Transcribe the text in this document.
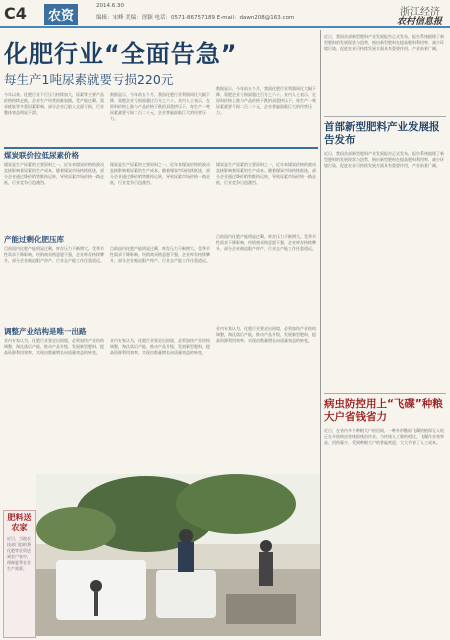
C4	农资
2014.6.30
编辑：宋峰 美编：徐颖 电话：0571-86757189 E-mail：dawn208@163.com	浙江经济
农村信息报
化肥行业“全面告急”
每生产1吨尿素就要亏损220元
今年以来，化肥行业下行压力持续加大，尿素等主要产品价格持续走低，企业生产经营困难加剧。受产能过剩、需求疲软等多重因素影响，部分企业已陷入全面亏损，行业整体效益明显下滑。
数据显示，今年前五个月，我国化肥行业利润同比大幅下降，氮肥企业亏损面超过百分之六十。业内人士表示，在原料价格上涨与产品价格下跌的双重挤压下，每生产一吨尿素就要亏损二百二十元，企业普遍面临巨大的经营压力。
数据显示，今年前五个月，我国化肥行业利润同比大幅下降，氮肥企业亏损面超过百分之六十。业内人士表示，在原料价格上涨与产品价格下跌的双重挤压下，每生产一吨尿素就要亏损二百二十元，企业普遍面临巨大的经营压力。
煤炭联价拉低尿素价格
煤炭是生产尿素的主要原料之一，近年来煤炭价格的波动直接影响着尿素的生产成本。随着煤炭市场持续低迷，部分企业通过降价销售维持运转，导致尿素市场价格一路走低，行业竞争日趋激烈。
煤炭是生产尿素的主要原料之一，近年来煤炭价格的波动直接影响着尿素的生产成本。随着煤炭市场持续低迷，部分企业通过降价销售维持运转，导致尿素市场价格一路走低，行业竞争日趋激烈。
煤炭是生产尿素的主要原料之一，近年来煤炭价格的波动直接影响着尿素的生产成本。随着煤炭市场持续低迷，部分企业通过降价销售维持运转，导致尿素市场价格一路走低，行业竞争日趋激烈。
产能过剩化肥压库
目前国内化肥产能明显过剩，库存压力不断增大。受季节性需求下降影响，经销商采购意愿不强，企业库存持续攀升，部分企业被迫限产停产，行业去产能工作任重道远。
目前国内化肥产能明显过剩，库存压力不断增大。受季节性需求下降影响，经销商采购意愿不强，企业库存持续攀升，部分企业被迫限产停产，行业去产能工作任重道远。
目前国内化肥产能明显过剩，库存压力不断增大。受季节性需求下降影响，经销商采购意愿不强，企业库存持续攀升，部分企业被迫限产停产，行业去产能工作任重道远。
调整产业结构是唯一出路
业内专家认为，化肥行业要走出困境，必须加快产业结构调整，淘汰落后产能，推动产品升级，发展新型肥料，提高资源利用效率，实现由数量增长向质量效益的转变。
业内专家认为，化肥行业要走出困境，必须加快产业结构调整，淘汰落后产能，推动产品升级，发展新型肥料，提高资源利用效率，实现由数量增长向质量效益的转变。
业内专家认为，化肥行业要走出困境，必须加快产业结构调整，淘汰落后产能，推动产品升级，发展新型肥料，提高资源利用效率，实现由数量增长向质量效益的转变。
近日，我国首部新型肥料产业发展报告正式发布。报告系统梳理了新型肥料的发展现状与趋势，指出新型肥料在提高肥料利用率、减少环境污染、促进农业可持续发展方面具有重要作用，产业前景广阔。
首部新型肥料产业发展报告发布
近日，我国首部新型肥料产业发展报告正式发布。报告系统梳理了新型肥料的发展现状与趋势，指出新型肥料在提高肥料利用率、减少环境污染、促进农业可持续发展方面具有重要作用，产业前景广阔。
病虫防控用上“飞碟”种粮大户省钱省力
近日，在省内多个种粮大户的田间，一种外形酷似飞碟的植保无人机正在开展病虫害统防统治作业。与传统人工喷药相比，飞碟作业效率高、用药量少，受到种粮大户的普遍欢迎，大大节省了人工成本。
肥料送农家
近日，当地农技部门组织将化肥等农资送到农户家中，保障夏季农业生产需要。
